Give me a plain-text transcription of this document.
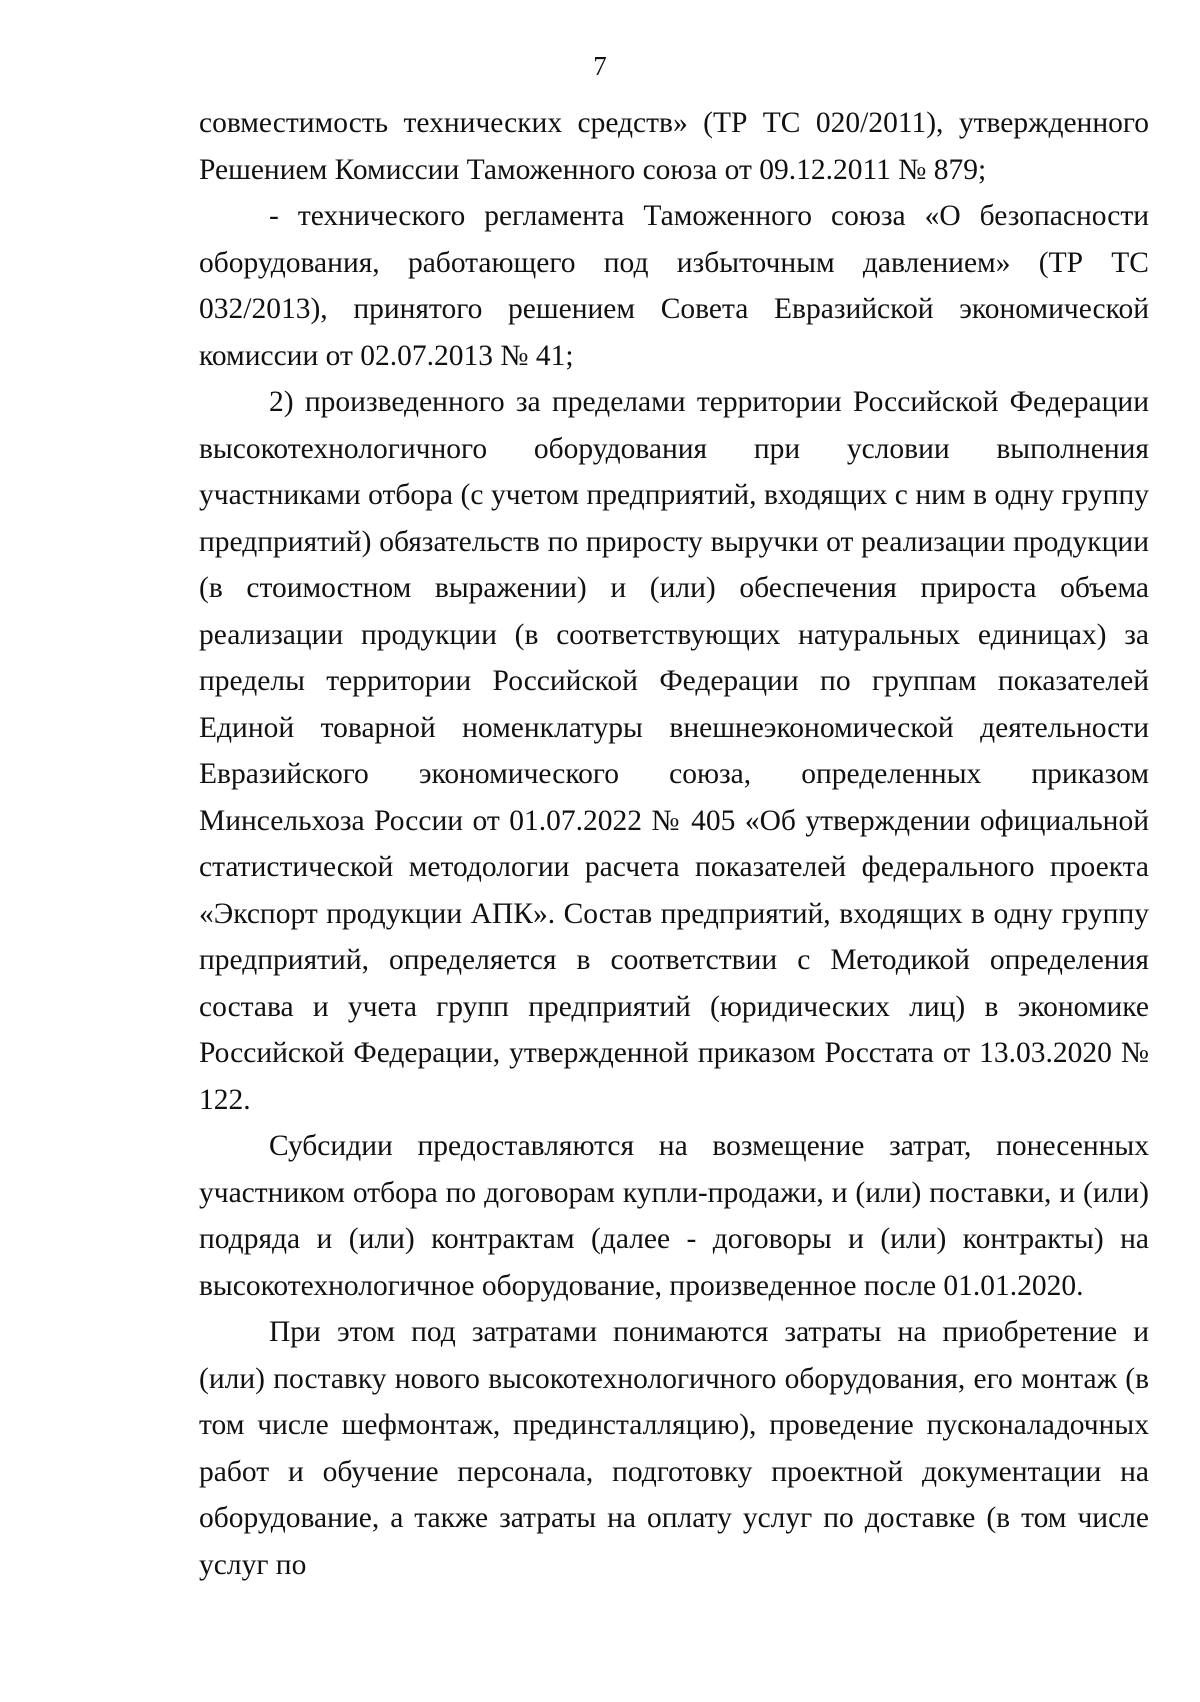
7

совместимость технических средств» (ТР ТС 020/2011), утвержденного Решением Комиссии Таможенного союза от 09.12.2011 № 879;

- технического регламента Таможенного союза «О безопасности оборудования, работающего под избыточным давлением» (ТР ТС 032/2013), принятого решением Совета Евразийской экономической комиссии от 02.07.2013 № 41;

2) произведенного за пределами территории Российской Федерации высокотехнологичного оборудования при условии выполнения участниками отбора (с учетом предприятий, входящих с ним в одну группу предприятий) обязательств по приросту выручки от реализации продукции (в стоимостном выражении) и (или) обеспечения прироста объема реализации продукции (в соответствующих натуральных единицах) за пределы территории Российской Федерации по группам показателей Единой товарной номенклатуры внешнеэкономической деятельности Евразийского экономического союза, определенных приказом Минсельхоза России от 01.07.2022 № 405 «Об утверждении официальной статистической методологии расчета показателей федерального проекта «Экспорт продукции АПК». Состав предприятий, входящих в одну группу предприятий, определяется в соответствии с Методикой определения состава и учета групп предприятий (юридических лиц) в экономике Российской Федерации, утвержденной приказом Росстата от 13.03.2020 № 122.

Субсидии предоставляются на возмещение затрат, понесенных участником отбора по договорам купли-продажи, и (или) поставки, и (или) подряда и (или) контрактам (далее - договоры и (или) контракты) на высокотехнологичное оборудование, произведенное после 01.01.2020.

При этом под затратами понимаются затраты на приобретение и (или) поставку нового высокотехнологичного оборудования, его монтаж (в том числе шефмонтаж, прединсталляцию), проведение пусконаладочных работ и обучение персонала, подготовку проектной документации на оборудование, а также затраты на оплату услуг по доставке (в том числе услуг по
